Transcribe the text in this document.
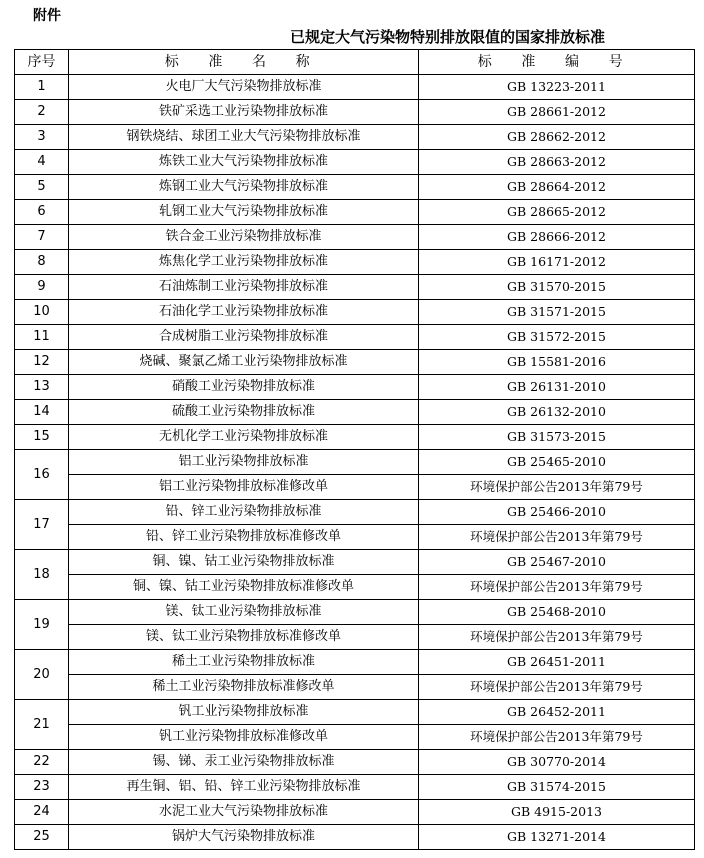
附件
已规定大气污染物特别排放限值的国家排放标准
序号	标 准 名 称	标 准 编 号
1	火电厂大气污染物排放标准	GB 13223-2011
2	铁矿采选工业污染物排放标准	GB 28661-2012
3	钢铁烧结、球团工业大气污染物排放标准	GB 28662-2012
4	炼铁工业大气污染物排放标准	GB 28663-2012
5	炼钢工业大气污染物排放标准	GB 28664-2012
6	轧钢工业大气污染物排放标准	GB 28665-2012
7	铁合金工业污染物排放标准	GB 28666-2012
8	炼焦化学工业污染物排放标准	GB 16171-2012
9	石油炼制工业污染物排放标准	GB 31570-2015
10	石油化学工业污染物排放标准	GB 31571-2015
11	合成树脂工业污染物排放标准	GB 31572-2015
12	烧碱、聚氯乙烯工业污染物排放标准	GB 15581-2016
13	硝酸工业污染物排放标准	GB 26131-2010
14	硫酸工业污染物排放标准	GB 26132-2010
15	无机化学工业污染物排放标准	GB 31573-2015
16	铝工业污染物排放标准	GB 25465-2010
	铝工业污染物排放标准修改单	环境保护部公告2013年第79号
17	铅、锌工业污染物排放标准	GB 25466-2010
	铅、锌工业污染物排放标准修改单	环境保护部公告2013年第79号
18	铜、镍、钴工业污染物排放标准	GB 25467-2010
	铜、镍、钴工业污染物排放标准修改单	环境保护部公告2013年第79号
19	镁、钛工业污染物排放标准	GB 25468-2010
	镁、钛工业污染物排放标准修改单	环境保护部公告2013年第79号
20	稀土工业污染物排放标准	GB 26451-2011
	稀土工业污染物排放标准修改单	环境保护部公告2013年第79号
21	钒工业污染物排放标准	GB 26452-2011
	钒工业污染物排放标准修改单	环境保护部公告2013年第79号
22	锡、锑、汞工业污染物排放标准	GB 30770-2014
23	再生铜、铝、铅、锌工业污染物排放标准	GB 31574-2015
24	水泥工业大气污染物排放标准	GB 4915-2013
25	锅炉大气污染物排放标准	GB 13271-2014
